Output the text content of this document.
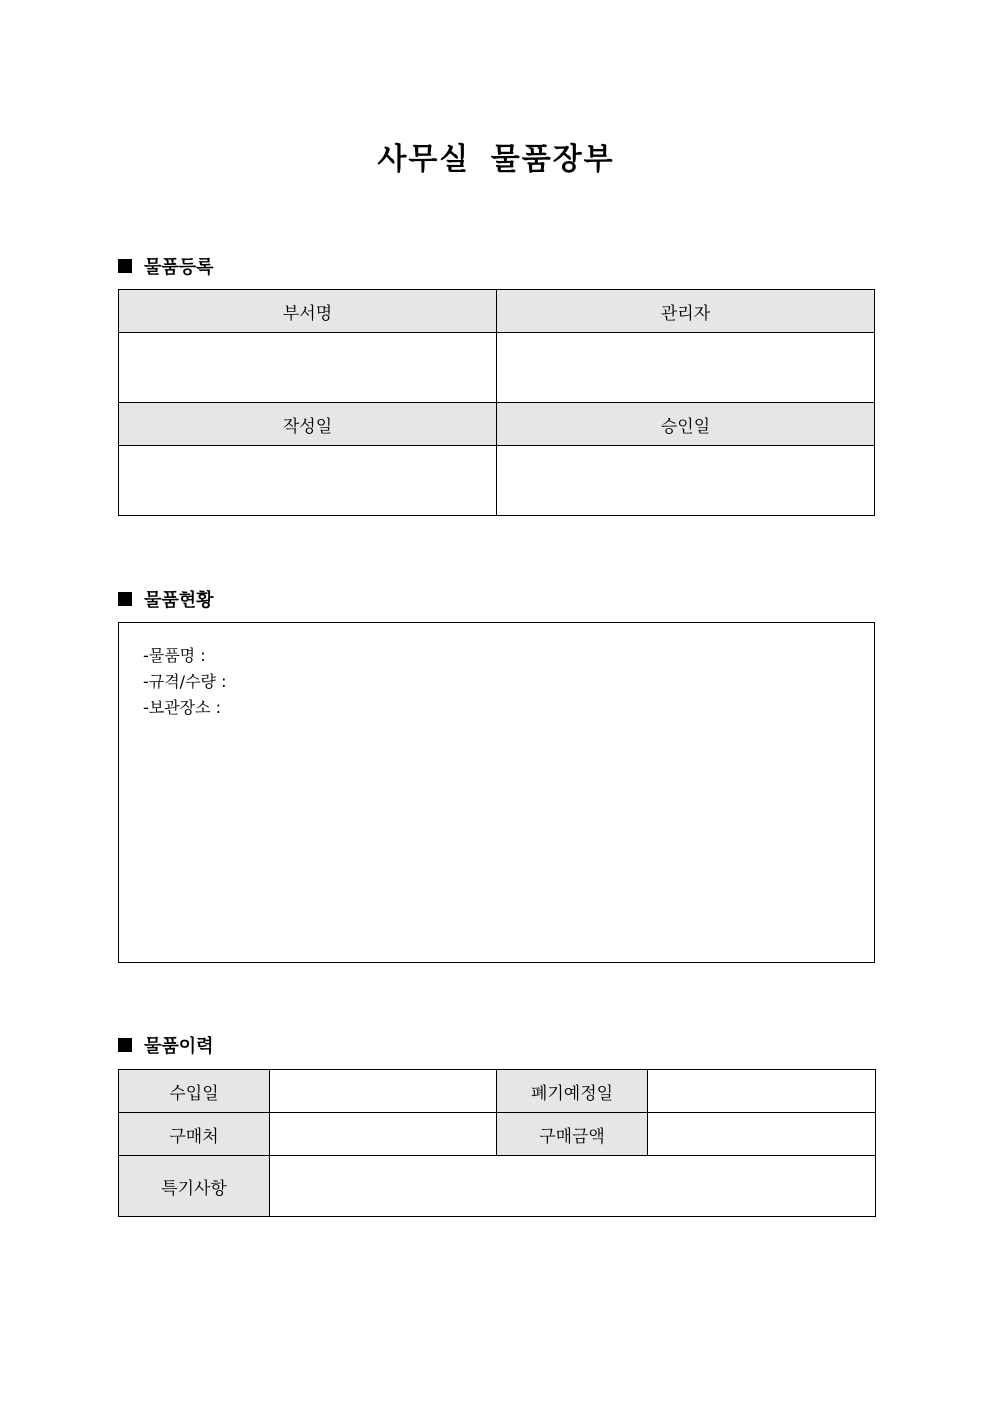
사무실 물품장부
물품등록
부서명	관리자

작성일	승인일

물품현황
-물품명 :
-규격/수량 :
-보관장소 :
물품이력
수입일		폐기예정일	
구매처		구매금액	
특기사항			
